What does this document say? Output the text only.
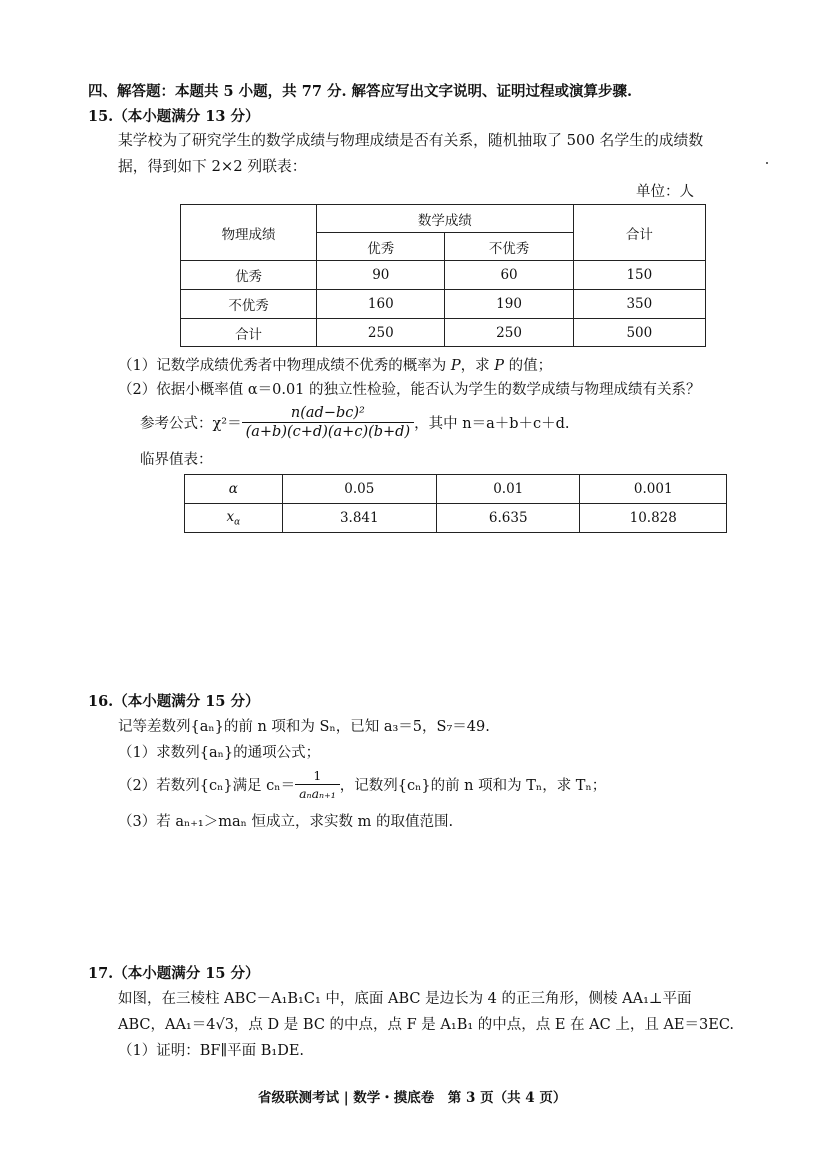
四、解答题：本题共 5 小题，共 77 分. 解答应写出文字说明、证明过程或演算步骤.
15.（本小题满分 13 分）
某学校为了研究学生的数学成绩与物理成绩是否有关系，随机抽取了 500 名学生的成绩数
据，得到如下 2×2 列联表：
单位：人
物理成绩	数学成绩		合计
	优秀	不优秀	
优秀	90	60	150
不优秀	160	190	350
合计	250	250	500
（1）记数学成绩优秀者中物理成绩不优秀的概率为 P，求 P 的值；
（2）依据小概率值 α＝0.01 的独立性检验，能否认为学生的数学成绩与物理成绩有关系？
参考公式：$\chi^2= \frac{\text{n(ad−bc)²}}{(a+b)(c+d)(a+c)(b+d)}$ ，其中 n＝a＋b＋c＋d.
临界值表：
α	0.05	0.01	0.001
$x_\alpha$	3.841	6.635	10.828
16.（本小题满分 15 分）
记等差数列{aₙ}的前 n 项和为 Sₙ，已知 a₃＝5，S₇＝49.
（1）求数列{aₙ}的通项公式；
（2）若数列{cₙ}满足 $c_n= \frac{1}{\text{aₙaₙ₊₁}}$ ，记数列{cₙ}的前 n 项和为 Tₙ，求 Tₙ；
（3）若 aₙ₊₁＞maₙ 恒成立，求实数 m 的取值范围.
17.（本小题满分 15 分）
如图，在三棱柱 ABC－A₁B₁C₁ 中，底面 ABC 是边长为 4 的正三角形，侧棱 AA₁⊥平面
ABC，AA₁＝4√3，点 D 是 BC 的中点，点 F 是 A₁B₁ 的中点，点 E 在 AC 上，且 AE＝3EC.
（1）证明：BF∥平面 B₁DE.
省级联测考试 | 数学・摸底卷　第 3 页（共 4 页）
